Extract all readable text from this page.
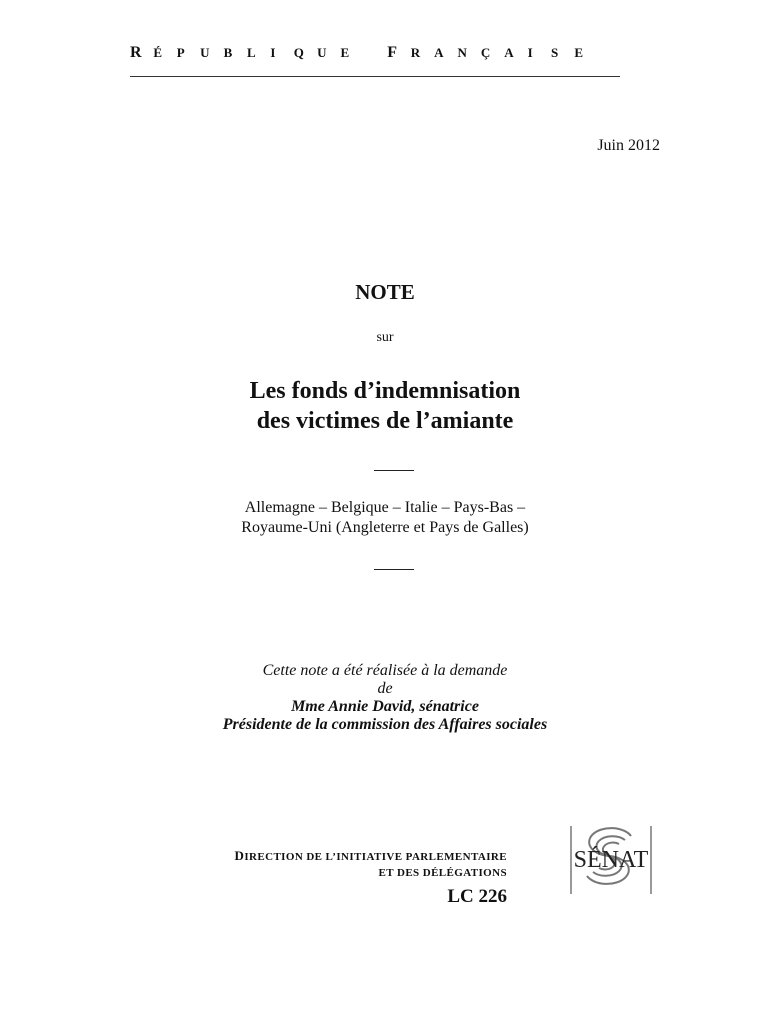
R É P U B L I Q U E F R A N Ç A I S E
Juin 2012
NOTE
sur
Les fonds d’indemnisation
des victimes de l’amiante
Allemagne – Belgique – Italie – Pays-Bas –
Royaume-Uni (Angleterre et Pays de Galles)
Cette note a été réalisée à la demande
de
Mme Annie David, sénatrice
Présidente de la commission des Affaires sociales
DIRECTION DE L’INITIATIVE PARLEMENTAIRE
ET DES DÉLÉGATIONS
LC 226
SÉNAT
